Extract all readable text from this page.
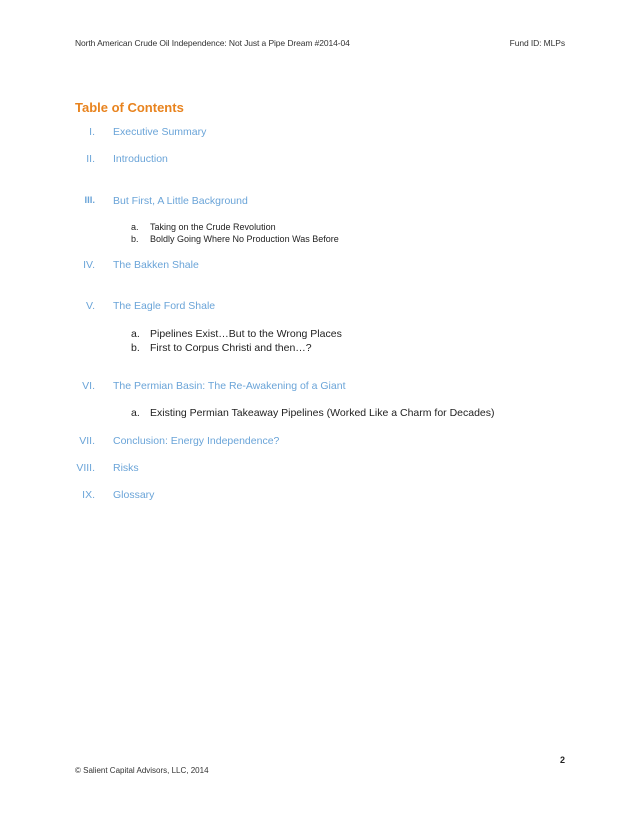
North American Crude Oil Independence: Not Just a Pipe Dream #2014-04	Fund ID: MLPs
Table of Contents
I. Executive Summary
II. Introduction
III. But First, A Little Background
a. Taking on the Crude Revolution
b. Boldly Going Where No Production Was Before
IV. The Bakken Shale
V. The Eagle Ford Shale
a. Pipelines Exist…But to the Wrong Places
b. First to Corpus Christi and then…?
VI. The Permian Basin: The Re-Awakening of a Giant
a. Existing Permian Takeaway Pipelines (Worked Like a Charm for Decades)
VII. Conclusion: Energy Independence?
VIII. Risks
IX. Glossary
2
© Salient Capital Advisors, LLC, 2014
